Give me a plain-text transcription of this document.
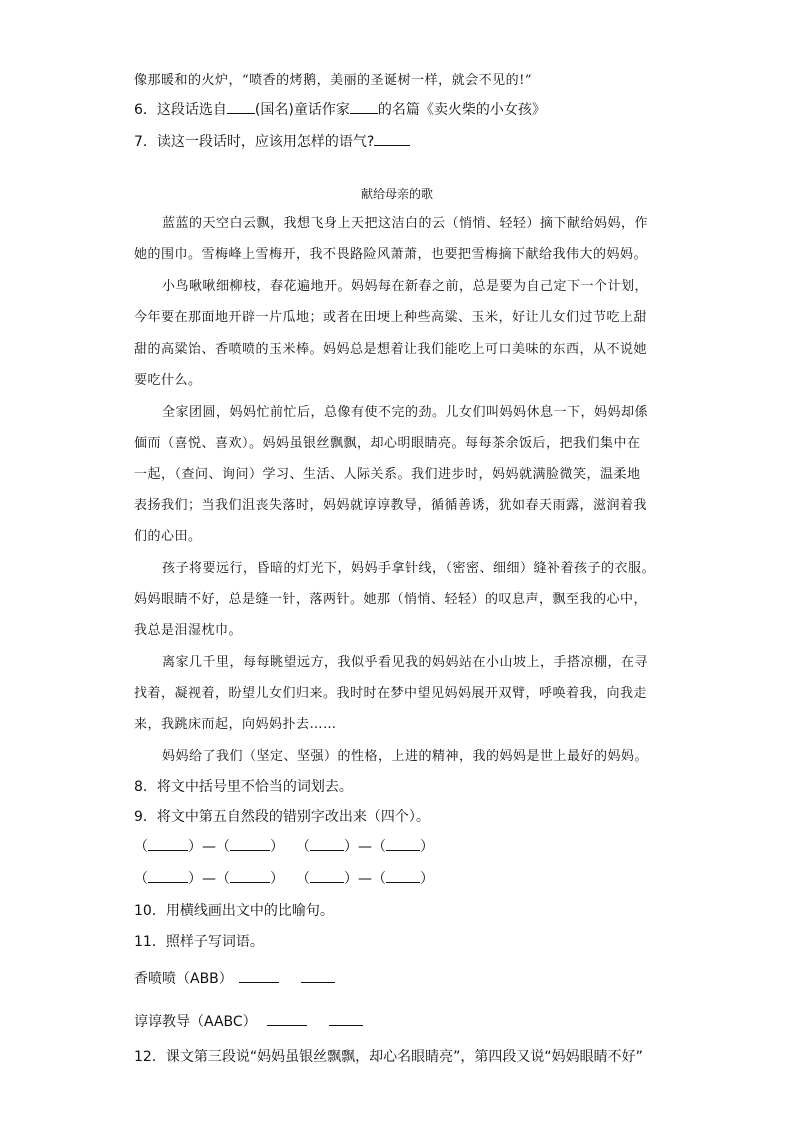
像那暖和的火炉，“喷香的烤鹅，美丽的圣诞树一样，就会不见的!”
6．这段话选自 (国名)童话作家 的名篇《卖火柴的小女孩》
7．读这一段话时，应该用怎样的语气?
献给母亲的歌
蓝蓝的天空白云飘，我想飞身上天把这洁白的云（悄悄、轻轻）摘下献给妈妈，作
她的围巾。雪梅峰上雪梅开，我不畏路险风萧萧，也要把雪梅摘下献给我伟大的妈妈。
小鸟啾啾细柳枝，春花遍地开。妈妈每在新春之前，总是要为自己定下一个计划，
今年要在那面地开辟一片瓜地；或者在田埂上种些高粱、玉米，好让儿女们过节吃上甜
甜的高粱饴、香喷喷的玉米棒。妈妈总是想着让我们能吃上可口美味的东西，从不说她
要吃什么。
全家团圆，妈妈忙前忙后，总像有使不完的劲。儿女们叫妈妈休息一下，妈妈却係
偭而（喜悦、喜欢）。妈妈虽银丝飘飘，却心明眼睛亮。每每茶余饭后，把我们集中在
一起，（查问、询问）学习、生活、人际关系。我们进步时，妈妈就满脸微笑，温柔地
表扬我们；当我们沮丧失落时，妈妈就谆谆教导，循循善诱，犹如春天雨露，滋润着我
们的心田。
孩子将要远行，昏暗的灯光下，妈妈手拿针线，（密密、细细）缝补着孩子的衣服。
妈妈眼睛不好，总是缝一针，落两针。她那（悄悄、轻轻）的叹息声，飘至我的心中，
我总是泪湿枕巾。
离家几千里，每每眺望远方，我似乎看见我的妈妈站在小山坡上，手搭凉棚，在寻
找着，凝视着，盼望儿女们归来。我时时在梦中望见妈妈展开双臂，呼唤着我，向我走
来，我跳床而起，向妈妈扑去……
妈妈给了我们（坚定、坚强）的性格，上进的精神，我的妈妈是世上最好的妈妈。
8．将文中括号里不恰当的词划去。
9．将文中第五自然段的错别字改出来（四个）。
（	）—（	） （ ）—（ ）
（	）—（	） （ ）—（ ）
10．用横线画出文中的比喻句。
11．照样子写词语。
香喷喷（ABB）
谆谆教导（AABC）
12．课文第三段说“妈妈虽银丝飘飘，却心名眼睛亮”，第四段又说“妈妈眼睛不好”
